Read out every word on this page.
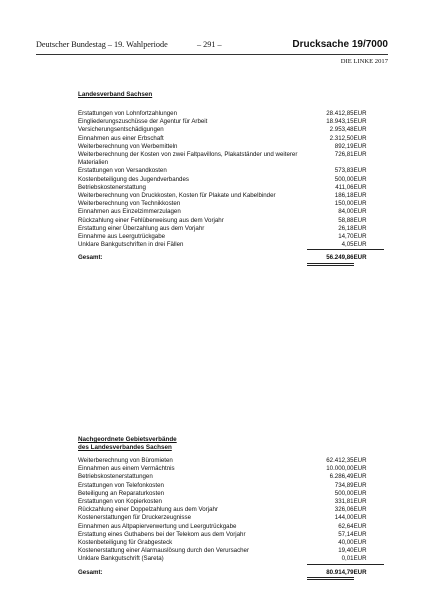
Deutscher Bundestag – 19. Wahlperiode	– 291 –	Drucksache 19/7000
DIE LINKE 2017
Landesverband Sachsen
Erstattungen von Lohnfortzahlungen	28.412,85	EUR
Eingliederungszuschüsse der Agentur für Arbeit	18.943,15	EUR
Versicherungsentschädigungen	2.953,48	EUR
Einnahmen aus einer Erbschaft	2.312,50	EUR
Weiterberechnung von Werbemitteln	892,19	EUR
Weiterberechnung der Kosten von zwei Faltpavillons, Plakatständer und weiterer Materialien	726,81	EUR
Erstattungen von Versandkosten	573,83	EUR
Kostenbeteiligung des Jugendverbandes	500,00	EUR
Betriebskostenerstattung	411,06	EUR
Weiterberechnung von Druckkosten, Kosten für Plakate und Kabelbinder	186,18	EUR
Weiterberechnung von Technikkosten	150,00	EUR
Einnahmen aus Einzelzimmerzulagen	84,00	EUR
Rückzahlung einer Fehlüberweisung aus dem Vorjahr	58,88	EUR
Erstattung einer Überzahlung aus dem Vorjahr	26,18	EUR
Einnahme aus Leergutrückgabe	14,70	EUR
Unklare Bankgutschriften in drei Fällen	4,05	EUR

Gesamt:	56.249,86	EUR
Nachgeordnete Gebietsverbände
des Landesverbandes Sachsen
Weiterberechnung von Büromieten	62.412,35	EUR
Einnahmen aus einem Vermächtnis	10.000,00	EUR
Betriebskostenerstattungen	6.286,49	EUR
Erstattungen von Telefonkosten	734,89	EUR
Beteiligung an Reparaturkosten	500,00	EUR
Erstattungen von Kopierkosten	331,81	EUR
Rückzahlung einer Doppelzahlung aus dem Vorjahr	326,06	EUR
Kostenerstattungen für Druckerzeugnisse	144,00	EUR
Einnahmen aus Altpapierverwertung und Leergutrückgabe	62,64	EUR
Erstattung eines Guthabens bei der Telekom aus dem Vorjahr	57,14	EUR
Kostenbeteiligung für Grabgesteck	40,00	EUR
Kostenerstattung einer Alarmauslösung durch den Verursacher	19,40	EUR
Unklare Bankgutschrift (Sareta)	0,01	EUR

Gesamt:	80.914,79	EUR
